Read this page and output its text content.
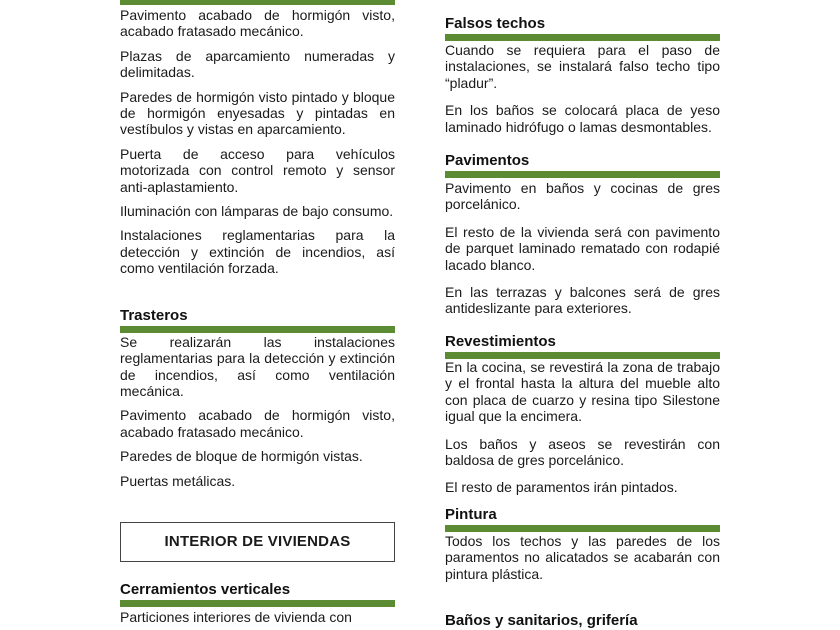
Pavimento acabado de hormigón visto, acabado fratasado mecánico.

Plazas de aparcamiento numeradas y delimitadas.

Paredes de hormigón visto pintado y bloque de hormigón enyesadas y pintadas en vestíbulos y vistas en aparcamiento.

Puerta de acceso para vehículos motorizada con control remoto y sensor anti-aplastamiento.

Iluminación con lámparas de bajo consumo.

Instalaciones reglamentarias para la detección y extinción de incendios, así como ventilación forzada.

Trasteros

Se realizarán las instalaciones reglamentarias para la detección y extinción de incendios, así como ventilación mecánica.

Pavimento acabado de hormigón visto, acabado fratasado mecánico.

Paredes de bloque de hormigón vistas.

Puertas metálicas.

INTERIOR DE VIVIENDAS
Cerramientos verticales

Particiones interiores de vivienda con

Falsos techos

Cuando se requiera para el paso de instalaciones, se instalará falso techo tipo “pladur”.

En los baños se colocará placa de yeso laminado hidrófugo o lamas desmontables.

Pavimentos

Pavimento en baños y cocinas de gres porcelánico.

El resto de la vivienda será con pavimento de parquet laminado rematado con rodapié lacado blanco.

En las terrazas y balcones será de gres antideslizante para exteriores.

Revestimientos

En la cocina, se revestirá la zona de trabajo y el frontal hasta la altura del mueble alto con placa de cuarzo y resina tipo Silestone igual que la encimera.

Los baños y aseos se revestirán con baldosa de gres porcelánico.

El resto de paramentos irán pintados.

Pintura

Todos los techos y las paredes de los paramentos no alicatados se acabarán con pintura plástica.

Baños y sanitarios, grifería
